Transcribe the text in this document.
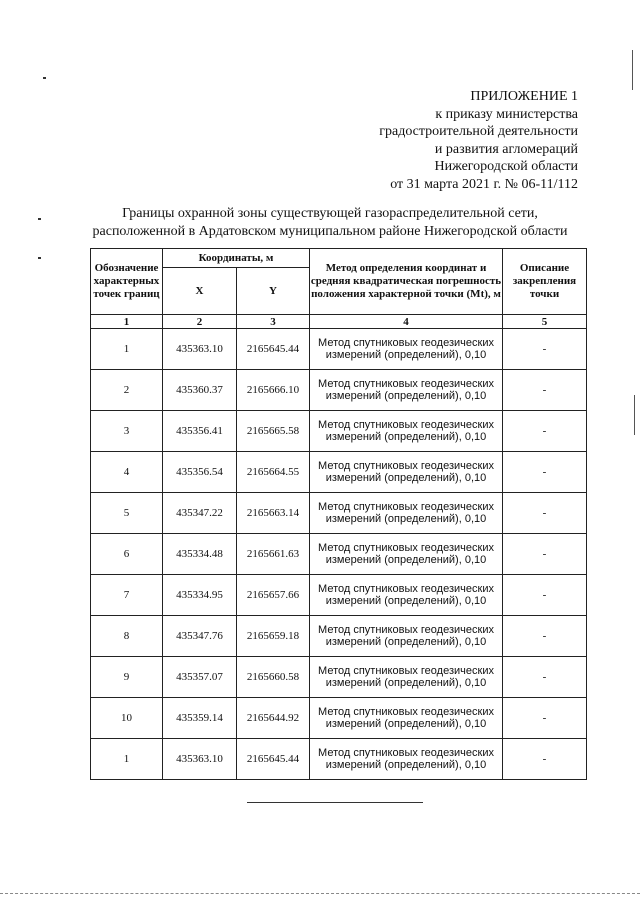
ПРИЛОЖЕНИЕ 1
к приказу министерства
градостроительной деятельности
и развития агломераций
Нижегородской области
от 31 марта 2021 г. № 06-11/112
Границы охранной зоны существующей газораспределительной сети,
расположенной в Ардатовском муниципальном районе Нижегородской области
Обозначение характерных точек границ	Координаты, м		Метод определения координат и средняя квадратическая погрешность положения характерной точки (Mt), м	Описание закрепления точки
	X	Y		
1	2	3	4	5
1	435363.10	2165645.44	Метод спутниковых геодезических измерений (определений), 0,10	-
2	435360.37	2165666.10	Метод спутниковых геодезических измерений (определений), 0,10	-
3	435356.41	2165665.58	Метод спутниковых геодезических измерений (определений), 0,10	-
4	435356.54	2165664.55	Метод спутниковых геодезических измерений (определений), 0,10	-
5	435347.22	2165663.14	Метод спутниковых геодезических измерений (определений), 0,10	-
6	435334.48	2165661.63	Метод спутниковых геодезических измерений (определений), 0,10	-
7	435334.95	2165657.66	Метод спутниковых геодезических измерений (определений), 0,10	-
8	435347.76	2165659.18	Метод спутниковых геодезических измерений (определений), 0,10	-
9	435357.07	2165660.58	Метод спутниковых геодезических измерений (определений), 0,10	-
10	435359.14	2165644.92	Метод спутниковых геодезических измерений (определений), 0,10	-
1	435363.10	2165645.44	Метод спутниковых геодезических измерений (определений), 0,10	-
